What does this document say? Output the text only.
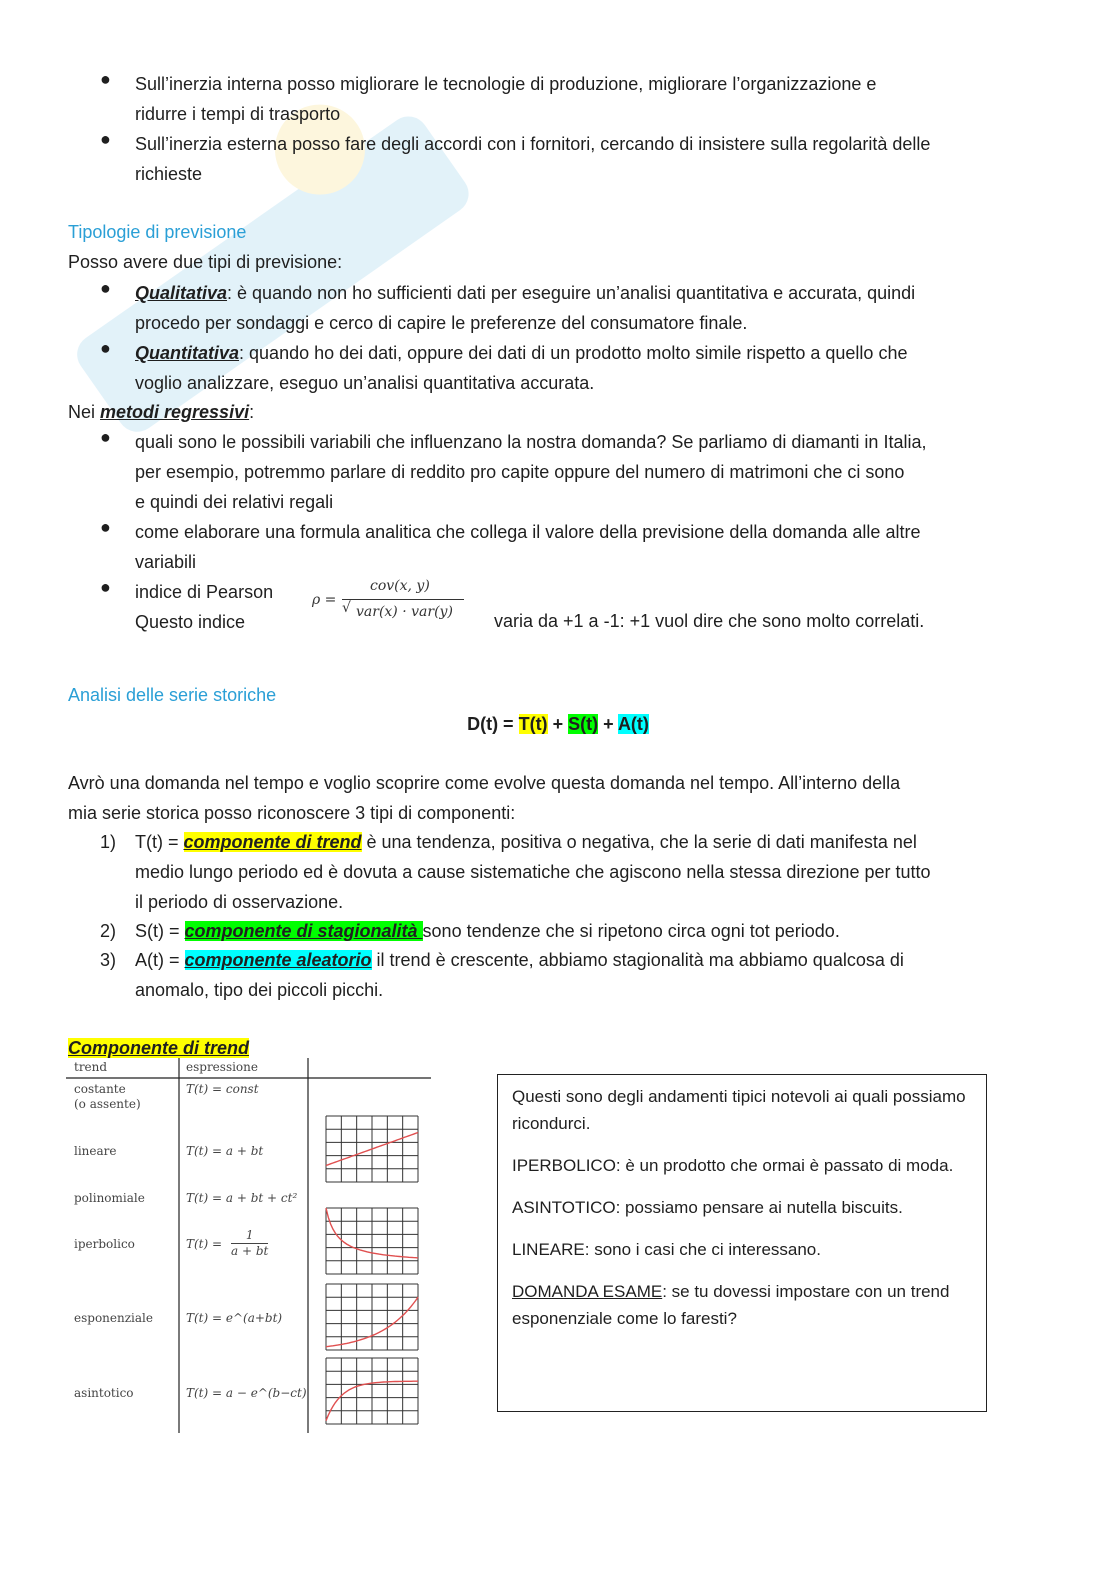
● Sull’inerzia interna posso migliorare le tecnologie di produzione, migliorare l’organizzazione e
ridurre i tempi di trasporto
● Sull’inerzia esterna posso fare degli accordi con i fornitori, cercando di insistere sulla regolarità delle
richieste
Tipologie di previsione
Posso avere due tipi di previsione:
● Qualitativa: è quando non ho sufficienti dati per eseguire un’analisi quantitativa e accurata, quindi
procedo per sondaggi e cerco di capire le preferenze del consumatore finale.
● Quantitativa: quando ho dei dati, oppure dei dati di un prodotto molto simile rispetto a quello che
voglio analizzare, eseguo un’analisi quantitativa accurata.
Nei metodi regressivi:
● quali sono le possibili variabili che influenzano la nostra domanda? Se parliamo di diamanti in Italia,
per esempio, potremmo parlare di reddito pro capite oppure del numero di matrimoni che ci sono
e quindi dei relativi regali
● come elaborare una formula analitica che collega il valore della previsione della domanda alle altre
variabili
● indice di Pearson
Questo indice	varia da +1 a -1: +1 vuol dire che sono molto correlati.
ρ =
cov(x, y)
√ var(x) · var(y)
Analisi delle serie storiche
D(t) = T(t) + S(t) + A(t)
Avrò una domanda nel tempo e voglio scoprire come evolve questa domanda nel tempo. All’interno della
mia serie storica posso riconoscere 3 tipi di componenti:
1)	T(t) = componente di trend è una tendenza, positiva o negativa, che la serie di dati manifesta nel
medio lungo periodo ed è dovuta a cause sistematiche che agiscono nella stessa direzione per tutto
il periodo di osservazione.
2)	S(t) = componente di stagionalità sono tendenze che si ripetono circa ogni tot periodo.
3)	A(t) = componente aleatorio il trend è crescente, abbiamo stagionalità ma abbiamo qualcosa di
anomalo, tipo dei piccoli picchi.
Componente di trend
trend	espressione
costante
(o assente)
T(t) = const
lineare	T(t) = a + bt
polinomiale	T(t) = a + bt + ct²
iperbolico	T(t) =
1
a + bt
esponenziale	T(t) = e^(a+bt)
asintotico	T(t) = a − e^(b−ct)

Questi sono degli andamenti tipici notevoli ai quali possiamo ricondurci.

IPERBOLICO: è un prodotto che ormai è passato di moda.

ASINTOTICO: possiamo pensare ai nutella biscuits.

LINEARE: sono i casi che ci interessano.

DOMANDA ESAME: se tu dovessi impostare con un trend esponenziale come lo faresti?
